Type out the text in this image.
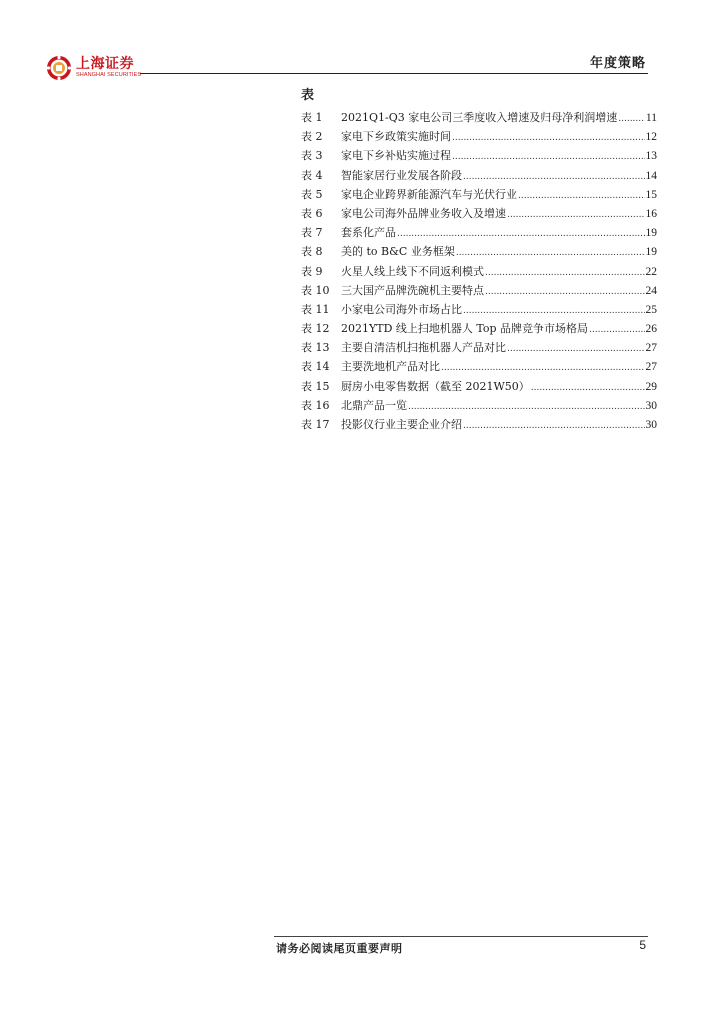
上海证券
SHANGHAI SECURITIES
年度策略
表
表 1	2021Q1-Q3 家电公司三季度收入增速及归母净利润增速 ..... 11
表 2	家电下乡政策实施时间 .....	12
表 3	家电下乡补贴实施过程 .....	13
表 4	智能家居行业发展各阶段 .....	14
表 5	家电企业跨界新能源汽车与光伏行业 .....	15
表 6	家电公司海外品牌业务收入及增速 .....	16
表 7	套系化产品 .....	19
表 8	美的 to B&C 业务框架 .....	19
表 9	火星人线上线下不同返利模式 .....	22
表 10	三大国产品牌洗碗机主要特点 .....	24
表 11	小家电公司海外市场占比 .....	25
表 12	2021YTD 线上扫地机器人 Top 品牌竞争市场格局 .....	26
表 13	主要自清洁机扫拖机器人产品对比 .....	27
表 14	主要洗地机产品对比 .....	27
表 15	厨房小电零售数据（截至 2021W50） .....	29
表 16	北鼎产品一览 .....	30
表 17	投影仪行业主要企业介绍 .....	30
请务必阅读尾页重要声明	5
